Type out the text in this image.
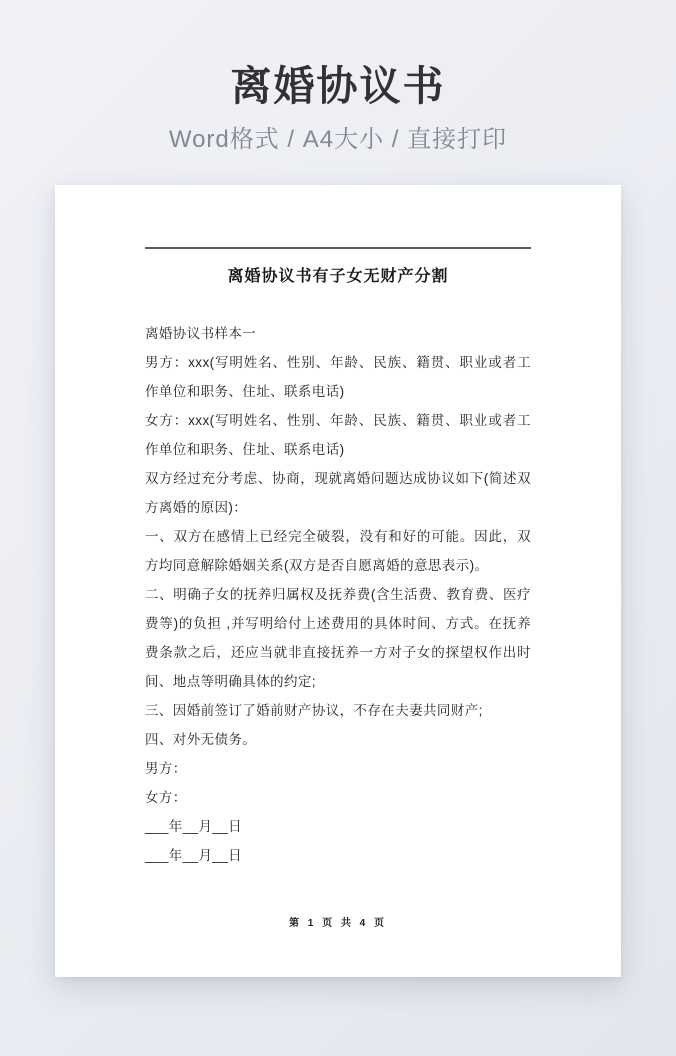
离婚协议书
Word格式 / A4大小 / 直接打印
离婚协议书有子女无财产分割

离婚协议书样本一

男方：xxx(写明姓名、性别、年龄、民族、籍贯、职业或者工作单位和职务、住址、联系电话)

女方：xxx(写明姓名、性别、年龄、民族、籍贯、职业或者工作单位和职务、住址、联系电话)

双方经过充分考虑、协商，现就离婚问题达成协议如下(简述双方离婚的原因)：

一、双方在感情上已经完全破裂，没有和好的可能。因此，双方均同意解除婚姻关系(双方是否自愿离婚的意思表示)。

二、明确子女的抚养归属权及抚养费(含生活费、教育费、医疗费等)的负担 ,并写明给付上述费用的具体时间、方式。在抚养费条款之后，还应当就非直接抚养一方对子女的探望权作出时间、地点等明确具体的约定;

三、因婚前签订了婚前财产协议，不存在夫妻共同财产;

四、对外无债务。

男方：

女方：

___年__月__日

___年__月__日

第 1 页 共 4 页
